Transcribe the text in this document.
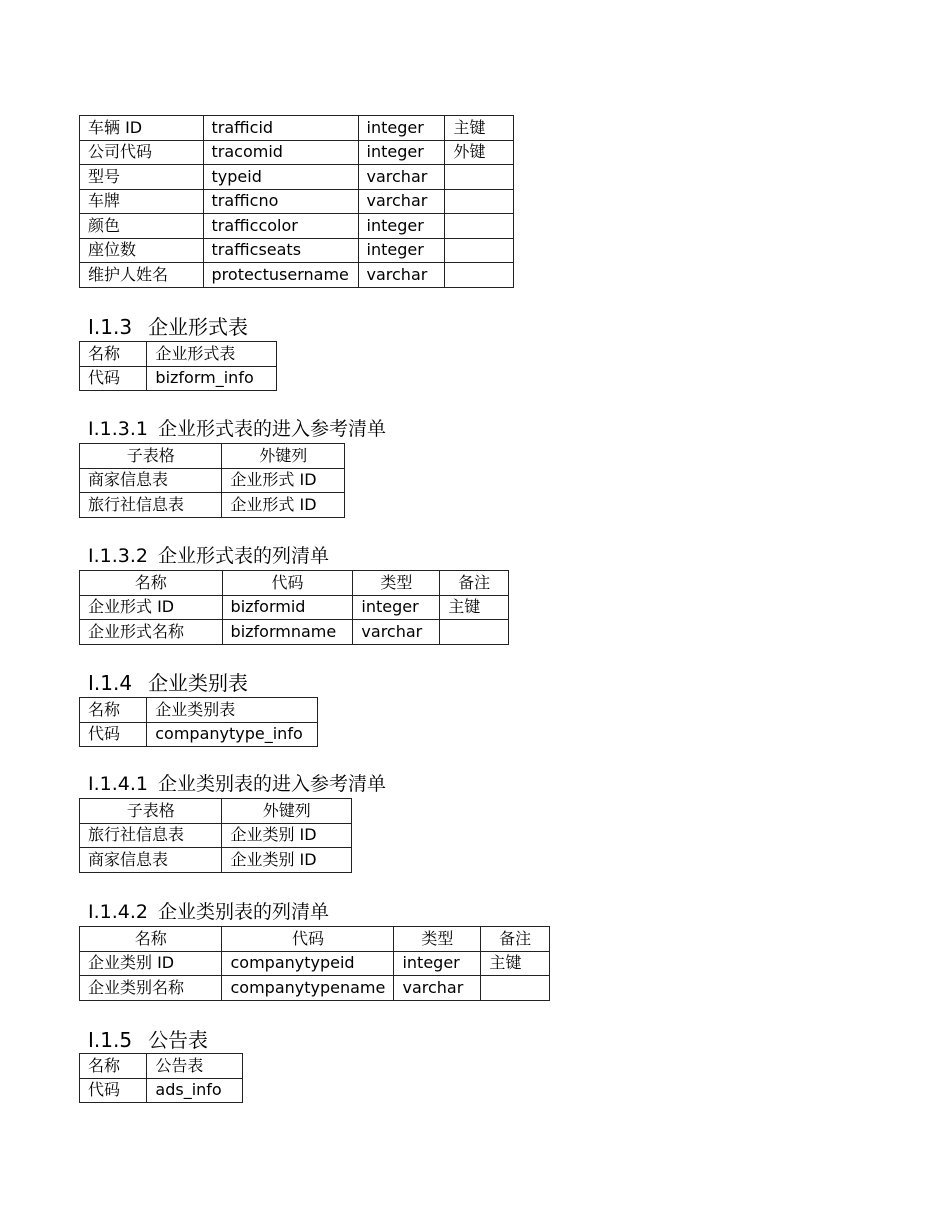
车辆 ID	trafficid	integer	主键
公司代码	tracomid	integer	外键
型号	typeid	varchar	
车牌	trafficno	varchar	
颜色	trafficcolor	integer	
座位数	trafficseats	integer	
维护人姓名	protectusername	varchar	
I.1.3 企业形式表
名称	企业形式表
代码	bizform_info
I.1.3.1 企业形式表的进入参考清单
子表格	外键列
商家信息表	企业形式 ID
旅行社信息表	企业形式 ID
I.1.3.2 企业形式表的列清单
名称	代码	类型	备注
企业形式 ID	bizformid	integer	主键
企业形式名称	bizformname	varchar	
I.1.4 企业类别表
名称	企业类别表
代码	companytype_info
I.1.4.1 企业类别表的进入参考清单
子表格	外键列
旅行社信息表	企业类别 ID
商家信息表	企业类别 ID
I.1.4.2 企业类别表的列清单
名称	代码	类型	备注
企业类别 ID	companytypeid	integer	主键
企业类别名称	companytypename	varchar	
I.1.5 公告表
名称	公告表
代码	ads_info
